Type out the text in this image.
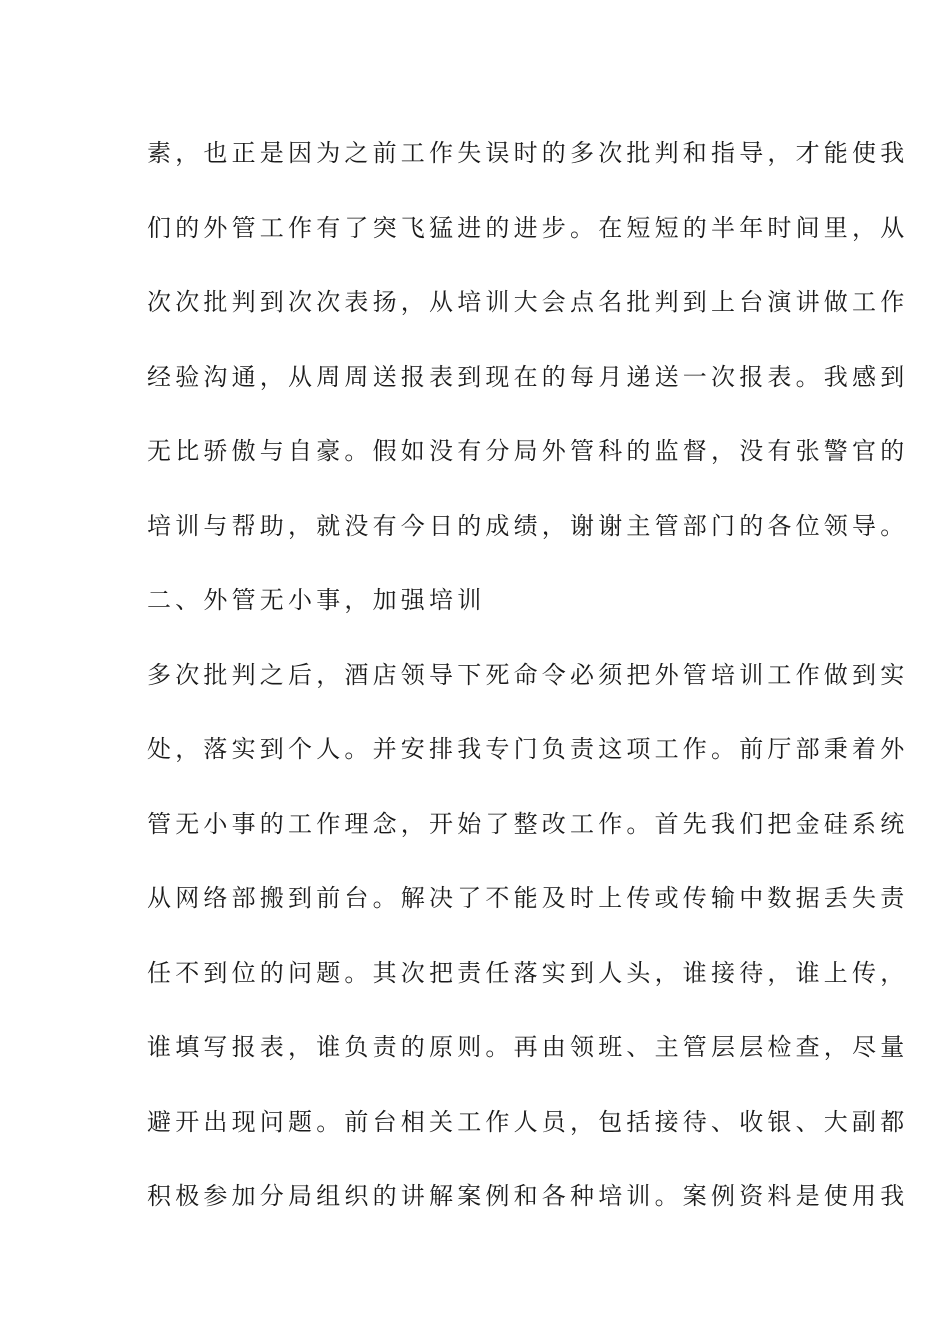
素，也正是因为之前工作失误时的多次批判和指导，才能使我
们的外管工作有了突飞猛进的进步。在短短的半年时间里，从
次次批判到次次表扬，从培训大会点名批判到上台演讲做工作
经验沟通，从周周送报表到现在的每月递送一次报表。我感到
无比骄傲与自豪。假如没有分局外管科的监督，没有张警官的
培训与帮助，就没有今日的成绩，谢谢主管部门的各位领导。
二、外管无小事，加强培训
多次批判之后，酒店领导下死命令必须把外管培训工作做到实
处，落实到个人。并安排我专门负责这项工作。前厅部秉着外
管无小事的工作理念，开始了整改工作。首先我们把金硅系统
从网络部搬到前台。解决了不能及时上传或传输中数据丢失责
任不到位的问题。其次把责任落实到人头，谁接待，谁上传，
谁填写报表，谁负责的原则。再由领班、主管层层检查，尽量
避开出现问题。前台相关工作人员，包括接待、收银、大副都
积极参加分局组织的讲解案例和各种培训。案例资料是使用我
